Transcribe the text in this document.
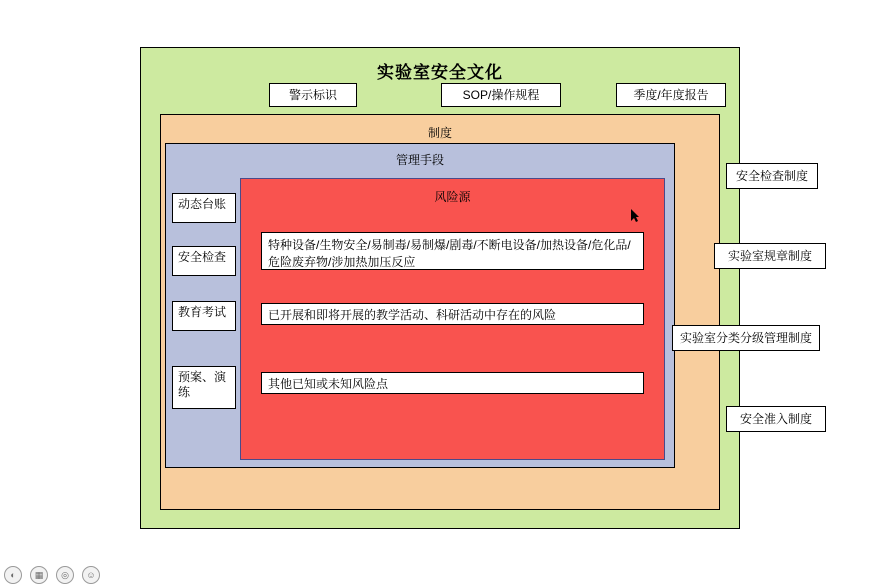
实验室安全文化
警示标识	SOP/操作规程	季度/年度报告
制度
管理手段
风险源
动态台账
安全检查
教育考试
预案、演练
特种设备/生物安全/易制毒/易制爆/剧毒/不断电设备/加热设备/危化品/危险废弃物/涉加热加压反应
已开展和即将开展的教学活动、科研活动中存在的风险
其他已知或未知风险点
安全检查制度
实验室规章制度
实验室分类分级管理制度
安全准入制度
◐	▦	◎	☺
